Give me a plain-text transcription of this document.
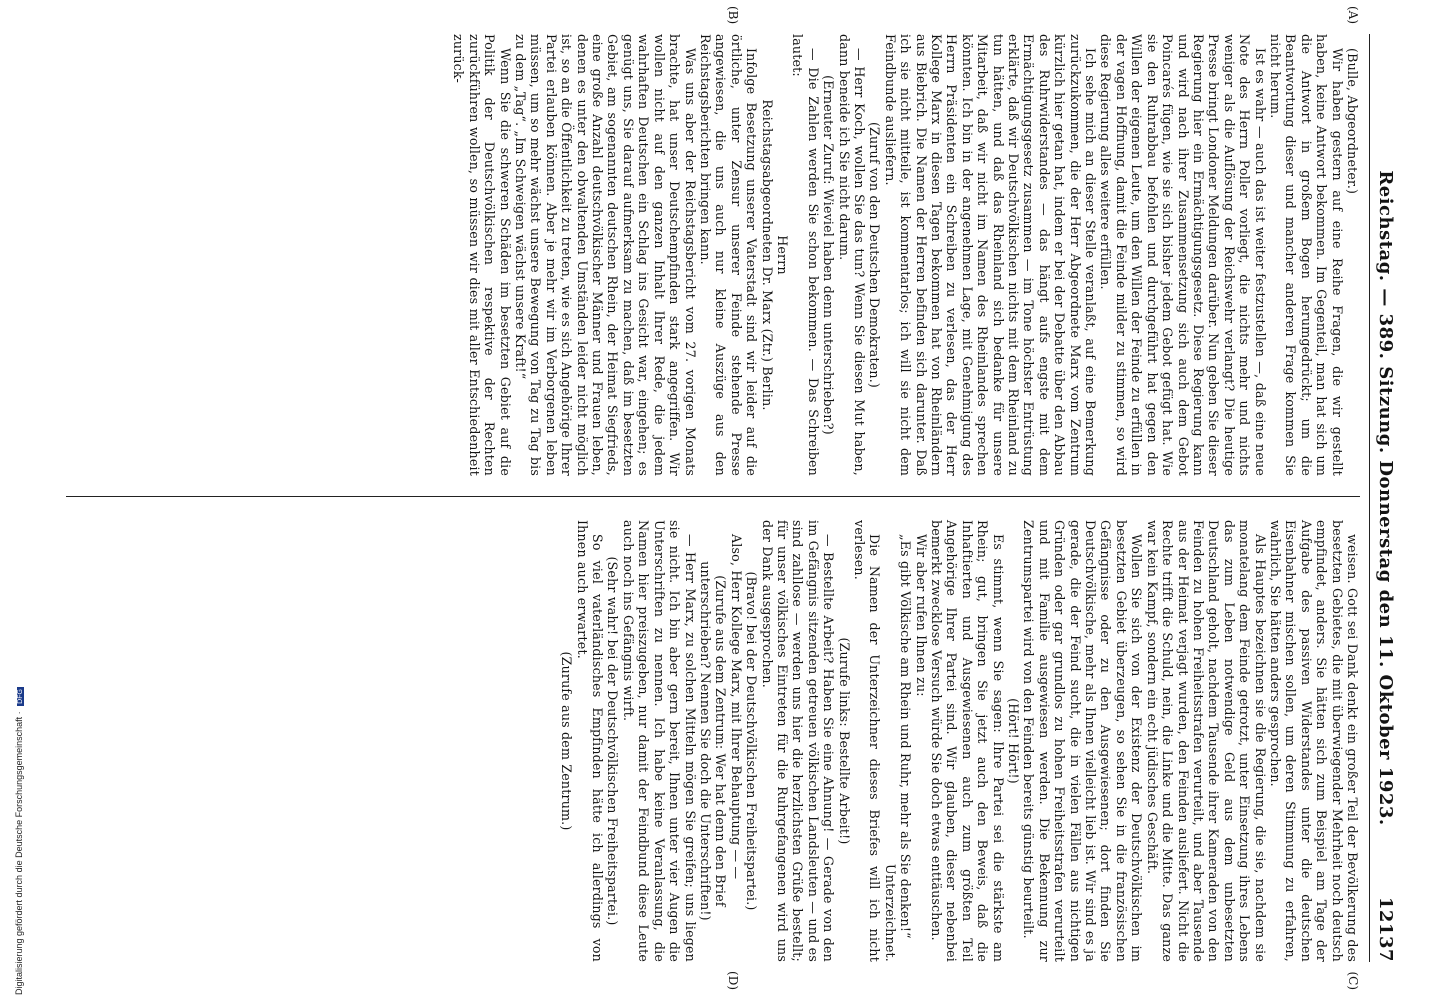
Reichstag. — 389. Sitzung. Donnerstag den 11. Oktober 1923.
12137

(Bulle, Abgeordneter.)

Wir haben gestern auf eine Reihe Fragen, die wir gestellt haben, keine Antwort bekommen. Im Gegenteil, man hat sich um die Antwort in großem Bogen herumgedrückt; um die Beantwortung dieser und mancher anderen Frage kommen Sie nicht herum.

Ist es wahr — auch das ist weiter festzustellen —, daß eine neue Note des Herrn Poller vorliegt, die nichts mehr und nichts weniger als die Auflösung der Reichswehr verlangt? Die heutige Presse bringt Londoner Meldungen darüber. Nun geben Sie dieser Regierung hier ein Ermächtigungsgesetz. Diese Regierung kann und wird nach ihrer Zusammensetzung sich auch dem Gebot Poincarés fügen, wie sie sich bisher jedem Gebot gefügt hat. Wie sie den Ruhrabbau befohlen und durchgeführt hat gegen den Willen der eigenen Leute, um den Willen der Feinde zu erfüllen in der vagen Hoffnung, damit die Feinde milder zu stimmen, so wird diese Regierung alles weitere erfüllen.

Ich sehe mich an dieser Stelle veranlaßt, auf eine Bemerkung zurückzukommen, die der Herr Abgeordnete Marx vom Zentrum kürzlich hier getan hat, indem er bei der Debatte über den Abbau des Ruhrwiderstandes — das hängt aufs engste mit dem Ermächtigungsgesetz zusammen — im Tone höchster Entrüstung erklärte, daß wir Deutschvölkischen nichts mit dem Rheinland zu tun hätten, und daß das Rheinland sich bedanke für unsere Mitarbeit, daß wir nicht im Namen des Rheinlandes sprechen könnten. Ich bin in der angenehmen Lage, mit Genehmigung des Herrn Präsidenten ein Schreiben zu verlesen, das der Herr Kollege Marx in diesen Tagen bekommen hat von Rheinländern aus Biebrich. Die Namen der Herren befinden sich darunter. Daß ich sie nicht mitteile, ist kommentarlos; ich will sie nicht dem Feindbunde ausliefern.

(Zuruf von den Deutschen Demokraten.)

— Herr Koch, wollen Sie das tun? Wenn Sie diesen Mut haben, dann beneide ich Sie nicht darum.

(Erneuter Zuruf: Wieviel haben denn unterschrieben?)

— Die Zahlen werden Sie schon bekommen. — Das Schreiben lautet:

Herrn

Reichstagsabgeordneten Dr. Marx (Ztr.) Berlin.

Infolge Besetzung unserer Vaterstadt sind wir leider auf die örtliche, unter Zensur unserer Feinde stehende Presse angewiesen, die uns auch nur kleine Auszüge aus den Reichstagsberichten bringen kann.

Was uns aber der Reichstagsbericht vom 27. vorigen Monats brachte, hat unser Deutschempfinden stark angegriffen. Wir wollen nicht auf den ganzen Inhalt Ihrer Rede, die jedem wahrhaften Deutschen ein Schlag ins Gesicht war, eingehen; es genügt uns, Sie darauf aufmerksam zu machen, daß im besetzten Gebiet, am sogenannten deutschen Rhein, der Heimat Siegfrieds, eine große Anzahl deutschvölkischer Männer und Frauen leben, denen es unter den obwaltenden Umständen leider nicht möglich ist, so an die Öffentlichkeit zu treten, wie es sich Angehörige Ihrer Partei erlauben können. Aber je mehr wir im Verborgenen leben müssen, um so mehr wächst unsere Bewegung von Tag zu Tag bis zu dem „Tag“. „Im Schweigen wächst unsere Kraft!“

Wenn Sie die schweren Schäden im besetzten Gebiet auf die Politik der Deutschvölkischen respektive der Rechten zurückführen wollen, so müssen wir dies mit aller Entschiedenheit zurück-

weisen. Gott sei Dank denkt ein großer Teil der Bevölkerung des besetzten Gebietes, die mit überwiegender Mehrheit noch deutsch empfindet, anders. Sie hätten sich zum Beispiel am Tage der Aufgabe des passiven Widerstandes unter die deutschen Eisenbahner mischen sollen, um deren Stimmung zu erfahren, wahrlich, Sie hätten anders gesprochen.

Als Hauptes bezeichnen sie die Regierung, die sie, nachdem sie monatelang dem Feinde getrotzt, unter Einsetzung ihres Lebens das zum Leben notwendige Geld aus dem unbesetzten Deutschland geholt, nachdem Tausende ihrer Kameraden von den Feinden zu hohen Freiheitsstrafen verurteilt, und aber Tausende aus der Heimat verjagt wurden, den Feinden ausliefert. Nicht die Rechte trifft die Schuld, nein, die Linke und die Mitte. Das ganze war kein Kampf, sondern ein echt jüdisches Geschäft.

Wollen Sie sich von der Existenz der Deutschvölkischen im besetzten Gebiet überzeugen, so sehen Sie in die französischen Gefängnisse oder zu den Ausgewiesenen; dort finden Sie Deutschvölkische, mehr als Ihnen vielleicht lieb ist. Wir sind es ja gerade, die der Feind sucht, die in vielen Fällen aus nichtigen Gründen oder gar grundlos zu hohen Freiheitsstrafen verurteilt und mit Familie ausgewiesen werden. Die Bekennung zur Zentrumspartei wird von den Feinden bereits günstig beurteilt.

(Hört! Hört!)

Es stimmt, wenn Sie sagen: Ihre Partei sei die stärkste am Rhein; gut, bringen Sie jetzt auch den Beweis, daß die Inhaftierten und Ausgewiesenen auch zum größten Teil Angehörige Ihrer Partei sind. Wir glauben, dieser nebenbei bemerkt zwecklose Versuch würde Sie doch etwas enttäuschen.

Wir aber rufen Ihnen zu:

„Es gibt Völkische am Rhein und Ruhr, mehr als Sie denken!“

Unterzeichnet.

Die Namen der Unterzeichner dieses Briefes will ich nicht verlesen.

(Zurufe links: Bestellte Arbeit!)

— Bestellte Arbeit? Haben Sie eine Ahnung! — Gerade von den im Gefängnis sitzenden getreuen völkischen Landsleuten — und es sind zahllose — werden uns hier die herzlichsten Grüße bestellt; für unser völkisches Eintreten für die Ruhrgefangenen wird uns der Dank ausgesprochen.

(Bravo! bei der Deutschvölkischen Freiheitspartei.)

Also, Herr Kollege Marx, mit Ihrer Behauptung — —

(Zurufe aus dem Zentrum: Wer hat denn den Brief unterschrieben? Nennen Sie doch die Unterschriften!)

— Herr Marx, zu solchen Mitteln mögen Sie greifen; uns liegen sie nicht. Ich bin aber gern bereit, Ihnen unter vier Augen die Unterschriften zu nennen. Ich habe keine Veranlassung, die Namen hier preiszugeben, nur damit der Feindbund diese Leute auch noch ins Gefängnis wirft.

(Sehr wahr! bei der Deutschvölkischen Freiheitspartei.)

So viel vaterländisches Empfinden hätte ich allerdings von Ihnen auch erwartet.

(Zurufe aus dem Zentrum.)

(A)
(B)
(C)
(D)
Digitalisierung gefördert durch die Deutsche Forschungsgemeinschaft · DFG
